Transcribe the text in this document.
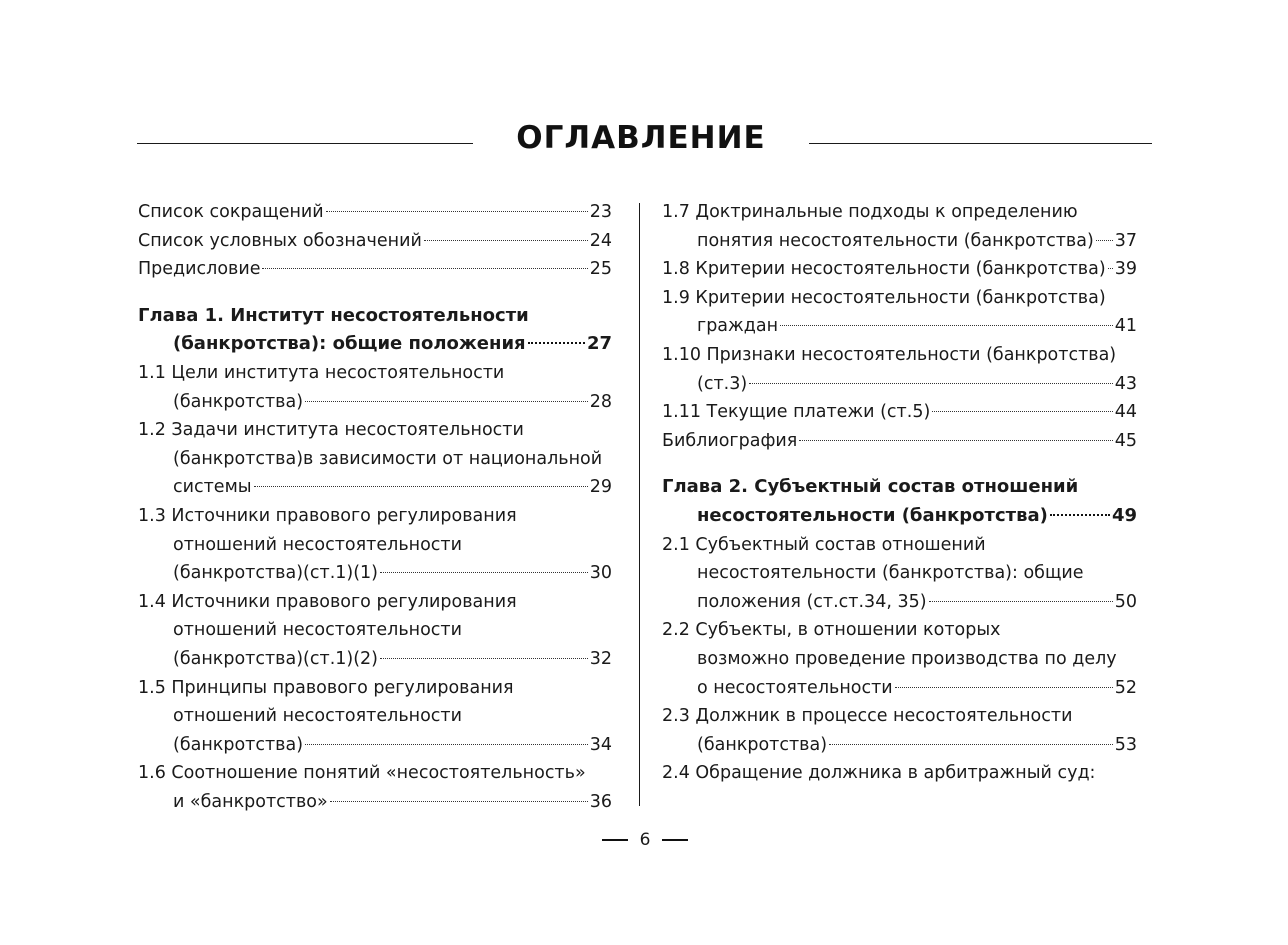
ОГЛАВЛЕНИЕ
Список сокращений	23
Список условных обозначений	24
Предисловие	25
Глава 1. Институт несостоятельности
(банкротства): общие положения	27
1.1 Цели института несостоятельности
(банкротства)	28
1.2 Задачи института несостоятельности
(банкротства)в зависимости от национальной
системы	29
1.3 Источники правового регулирования
отношений несостоятельности
(банкротства)(ст.1)(1)	30
1.4 Источники правового регулирования
отношений несостоятельности
(банкротства)(ст.1)(2)	32
1.5 Принципы правового регулирования
отношений несостоятельности
(банкротства)	34
1.6 Соотношение понятий «несостоятельность»
и «банкротство»	36
1.7 Доктринальные подходы к определению
понятия несостоятельности (банкротства) 37
1.8 Критерии несостоятельности (банкротства) 39
1.9 Критерии несостоятельности (банкротства)
граждан	41
1.10 Признаки несостоятельности (банкротства)
(ст.3)	43
1.11 Текущие платежи (ст.5)	44
Библиография	45
Глава 2. Субъектный состав отношений
несостоятельности (банкротства)	49
2.1 Субъектный состав отношений
несостоятельности (банкротства): общие
положения (ст.ст.34, 35)	50
2.2 Субъекты, в отношении которых
возможно проведение производства по делу
о несостоятельности	52
2.3 Должник в процессе несостоятельности
(банкротства)	53
2.4 Обращение должника в арбитражный суд:
6
